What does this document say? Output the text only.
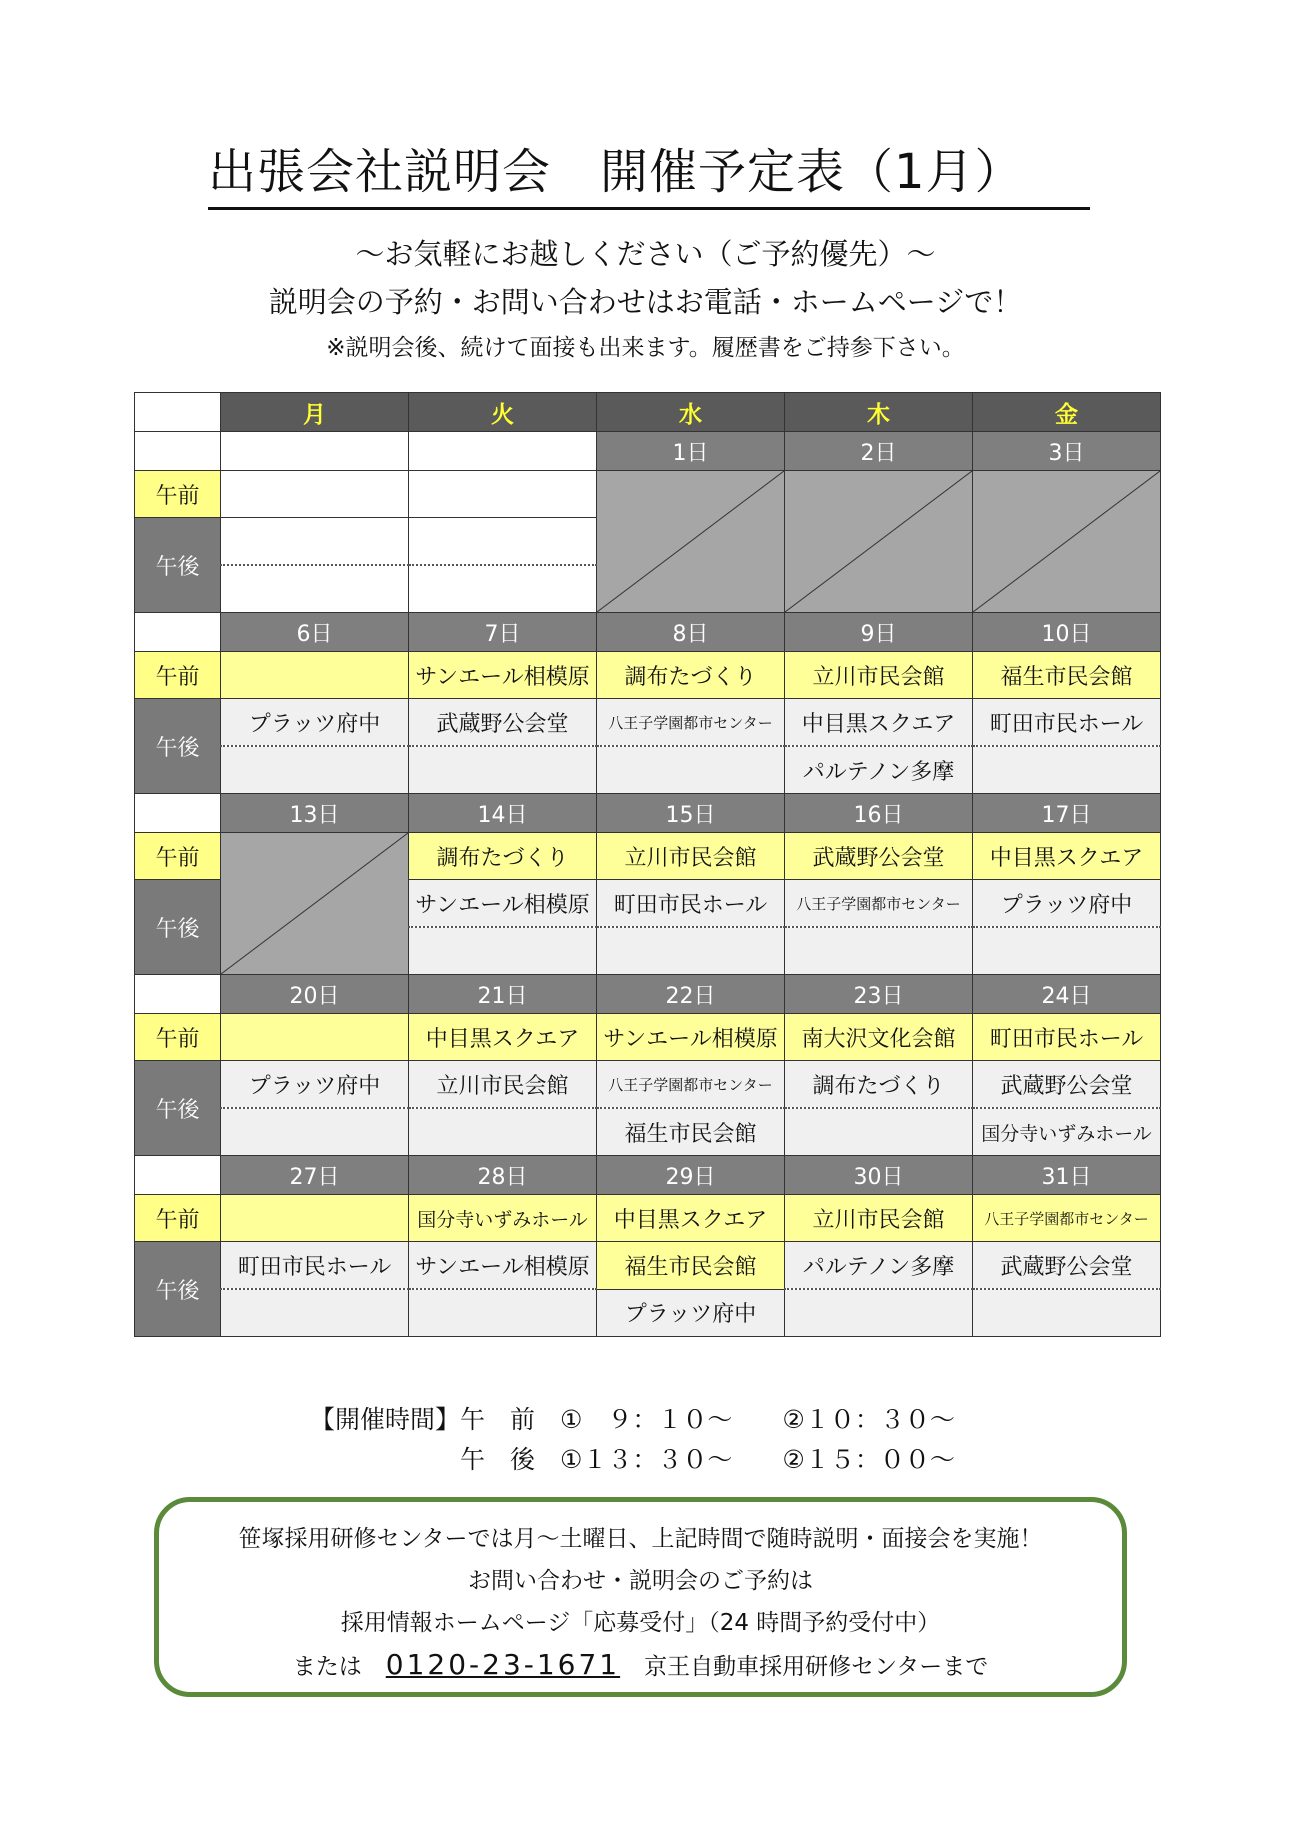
出張会社説明会　開催予定表（1月）
～お気軽にお越しください（ご予約優先）～
説明会の予約・お問い合わせはお電話・ホームページで！
※説明会後、続けて面接も出来ます。履歴書をご持参下さい。
	月	火	水	木	金
			1日	2日	3日
午前			

午後					

	6日	7日	8日	9日	10日
午前		サンエール相模原	調布たづくり	立川市民会館	福生市民会館
午後	プラッツ府中	武蔵野公会堂	八王子学園都市センター	中目黒スクエア	町田市民ホール
				パルテノン多摩	
	13日	14日	15日	16日	17日
午前		調布たづくり	立川市民会館	武蔵野公会堂	中目黒スクエア
午後		サンエール相模原	町田市民ホール	八王子学園都市センター	プラッツ府中

	20日	21日	22日	23日	24日
午前		中目黒スクエア	サンエール相模原	南大沢文化会館	町田市民ホール
午後	プラッツ府中	立川市民会館	八王子学園都市センター	調布たづくり	武蔵野公会堂
			福生市民会館		国分寺いずみホール
	27日	28日	29日	30日	31日
午前		国分寺いずみホール	中目黒スクエア	立川市民会館	八王子学園都市センター
午後	町田市民ホール	サンエール相模原	福生市民会館	パルテノン多摩	武蔵野公会堂
			プラッツ府中		
【開催時間】午　前　①　９：１０～　　②１０：３０～
　　　　　　午　後　①１３：３０～　　②１５：００～
笹塚採用研修センターでは月～土曜日、上記時間で随時説明・面接会を実施！
お問い合わせ・説明会のご予約は
採用情報ホームページ「応募受付」（24 時間予約受付中）
または 0120-23-1671 京王自動車採用研修センターまで
